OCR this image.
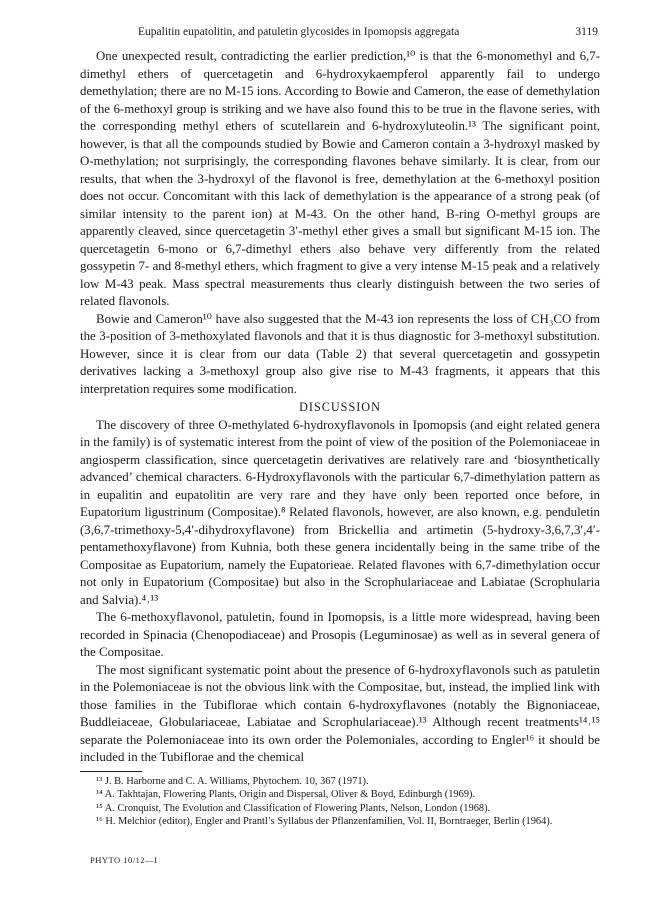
Eupalitin eupatolitin, and patuletin glycosides in Ipomopsis aggregata	3119

One unexpected result, contradicting the earlier prediction,¹⁰ is that the 6-monomethyl and 6,7-dimethyl ethers of quercetagetin and 6-hydroxykaempferol apparently fail to undergo demethylation; there are no M-15 ions. According to Bowie and Cameron, the ease of demethylation of the 6-methoxyl group is striking and we have also found this to be true in the flavone series, with the corresponding methyl ethers of scutellarein and 6-hydroxyluteolin.¹³ The significant point, however, is that all the compounds studied by Bowie and Cameron contain a 3-hydroxyl masked by O-methylation; not surprisingly, the corresponding flavones behave similarly. It is clear, from our results, that when the 3-hydroxyl of the flavonol is free, demethylation at the 6-methoxyl position does not occur. Concomitant with this lack of demethylation is the appearance of a strong peak (of similar intensity to the parent ion) at M-43. On the other hand, B-ring O-methyl groups are apparently cleaved, since quercetagetin 3′-methyl ether gives a small but significant M-15 ion. The quercetagetin 6-mono or 6,7-dimethyl ethers also behave very differently from the related gossypetin 7- and 8-methyl ethers, which fragment to give a very intense M-15 peak and a relatively low M-43 peak. Mass spectral measurements thus clearly distinguish between the two series of related flavonols.

Bowie and Cameron¹⁰ have also suggested that the M-43 ion represents the loss of CH₃CO from the 3-position of 3-methoxylated flavonols and that it is thus diagnostic for 3-methoxyl substitution. However, since it is clear from our data (Table 2) that several quercetagetin and gossypetin derivatives lacking a 3-methoxyl group also give rise to M-43 fragments, it appears that this interpretation requires some modification.

DISCUSSION

The discovery of three O-methylated 6-hydroxyflavonols in Ipomopsis (and eight related genera in the family) is of systematic interest from the point of view of the position of the Polemoniaceae in angiosperm classification, since quercetagetin derivatives are relatively rare and ‘biosynthetically advanced’ chemical characters. 6-Hydroxyflavonols with the particular 6,7-dimethylation pattern as in eupalitin and eupatolitin are very rare and they have only been reported once before, in Eupatorium ligustrinum (Compositae).⁸ Related flavonols, however, are also known, e.g. penduletin (3,6,7-trimethoxy-5,4′-dihydroxyflavone) from Brickellia and artimetin (5-hydroxy-3,6,7,3′,4′-pentamethoxyflavone) from Kuhnia, both these genera incidentally being in the same tribe of the Compositae as Eupatorium, namely the Eupatorieae. Related flavones with 6,7-dimethylation occur not only in Eupatorium (Compositae) but also in the Scrophulariaceae and Labiatae (Scrophularia and Salvia).⁴˒¹³

The 6-methoxyflavonol, patuletin, found in Ipomopsis, is a little more widespread, having been recorded in Spinacia (Chenopodiaceae) and Prosopis (Leguminosae) as well as in several genera of the Compositae.

The most significant systematic point about the presence of 6-hydroxyflavonols such as patuletin in the Polemoniaceae is not the obvious link with the Compositae, but, instead, the implied link with those families in the Tubiflorae which contain 6-hydroxyflavones (notably the Bignoniaceae, Buddleiaceae, Globulariaceae, Labiatae and Scrophulariaceae).¹³ Although recent treatments¹⁴˒¹⁵ separate the Polemoniaceae into its own order the Polemoniales, according to Engler¹⁶ it should be included in the Tubiflorae and the chemical

¹³ J. B. Harborne and C. A. Williams, Phytochem. 10, 367 (1971).

¹⁴ A. Takhtajan, Flowering Plants, Origin and Dispersal, Oliver & Boyd, Edinburgh (1969).

¹⁵ A. Cronquist, The Evolution and Classification of Flowering Plants, Nelson, London (1968).

¹⁶ H. Melchior (editor), Engler and Prantl’s Syllabus der Pflanzenfamilien, Vol. II, Borntraeger, Berlin (1964).

PHYTO 10/12—I
